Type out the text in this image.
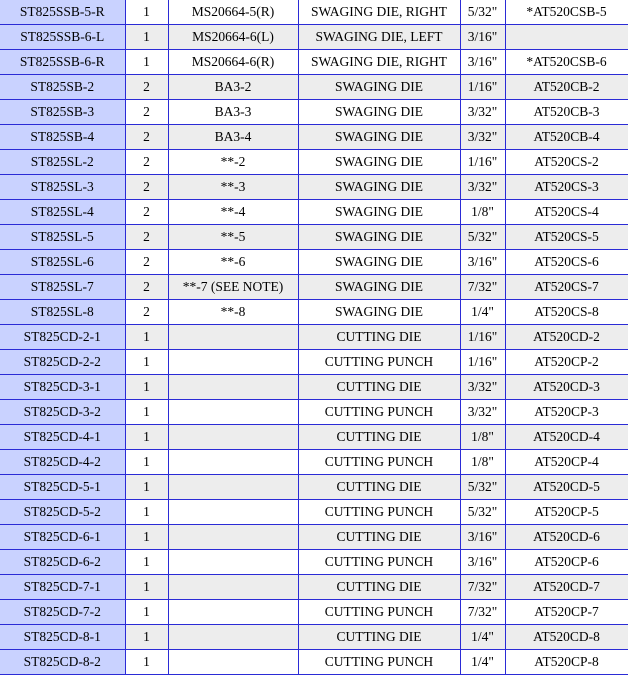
ST825SSB-5-R	1	MS20664-5(R)	SWAGING DIE, RIGHT	5/32"	*AT520CSB-5
ST825SSB-6-L	1	MS20664-6(L)	SWAGING DIE, LEFT	3/16"	
ST825SSB-6-R	1	MS20664-6(R)	SWAGING DIE, RIGHT	3/16"	*AT520CSB-6
ST825SB-2	2	BA3-2	SWAGING DIE	1/16"	AT520CB-2
ST825SB-3	2	BA3-3	SWAGING DIE	3/32"	AT520CB-3
ST825SB-4	2	BA3-4	SWAGING DIE	3/32"	AT520CB-4
ST825SL-2	2	**-2	SWAGING DIE	1/16"	AT520CS-2
ST825SL-3	2	**-3	SWAGING DIE	3/32"	AT520CS-3
ST825SL-4	2	**-4	SWAGING DIE	1/8"	AT520CS-4
ST825SL-5	2	**-5	SWAGING DIE	5/32"	AT520CS-5
ST825SL-6	2	**-6	SWAGING DIE	3/16"	AT520CS-6
ST825SL-7	2	**-7 (SEE NOTE)	SWAGING DIE	7/32"	AT520CS-7
ST825SL-8	2	**-8	SWAGING DIE	1/4"	AT520CS-8
ST825CD-2-1	1		CUTTING DIE	1/16"	AT520CD-2
ST825CD-2-2	1		CUTTING PUNCH	1/16"	AT520CP-2
ST825CD-3-1	1		CUTTING DIE	3/32"	AT520CD-3
ST825CD-3-2	1		CUTTING PUNCH	3/32"	AT520CP-3
ST825CD-4-1	1		CUTTING DIE	1/8"	AT520CD-4
ST825CD-4-2	1		CUTTING PUNCH	1/8"	AT520CP-4
ST825CD-5-1	1		CUTTING DIE	5/32"	AT520CD-5
ST825CD-5-2	1		CUTTING PUNCH	5/32"	AT520CP-5
ST825CD-6-1	1		CUTTING DIE	3/16"	AT520CD-6
ST825CD-6-2	1		CUTTING PUNCH	3/16"	AT520CP-6
ST825CD-7-1	1		CUTTING DIE	7/32"	AT520CD-7
ST825CD-7-2	1		CUTTING PUNCH	7/32"	AT520CP-7
ST825CD-8-1	1		CUTTING DIE	1/4"	AT520CD-8
ST825CD-8-2	1		CUTTING PUNCH	1/4"	AT520CP-8
